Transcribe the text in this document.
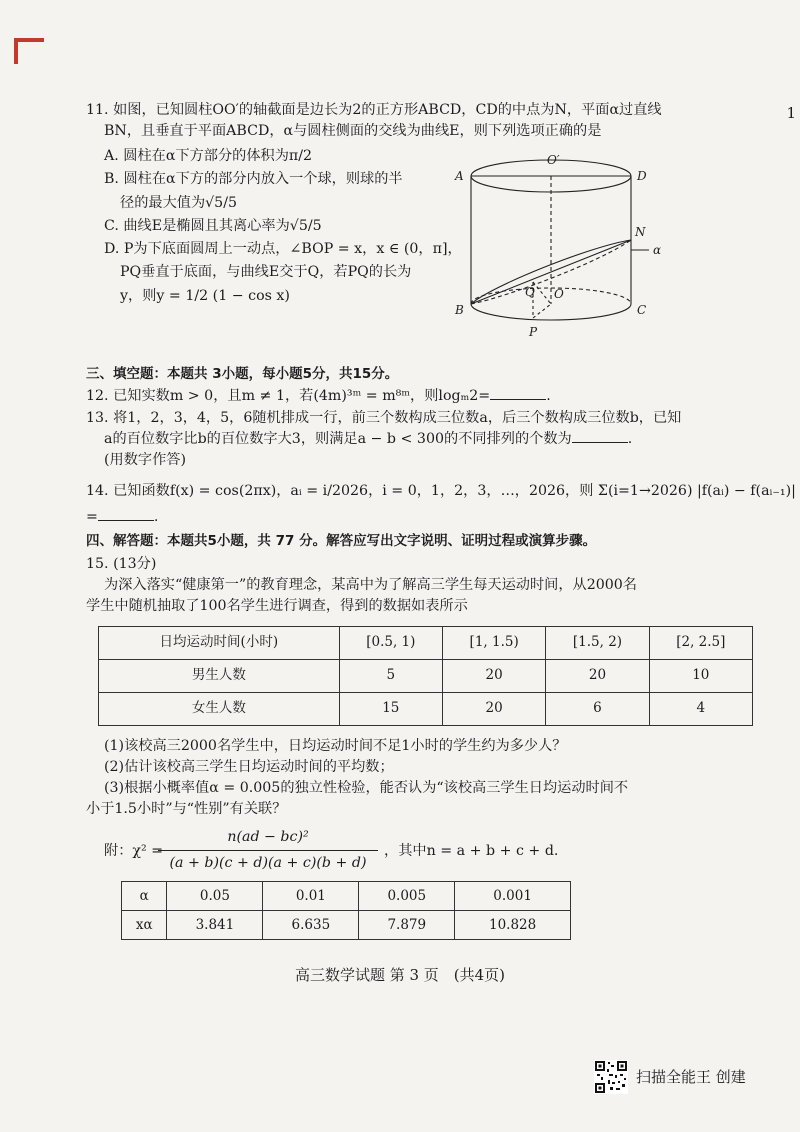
1
11. 如图，已知圆柱OO′的轴截面是边长为2的正方形ABCD，CD的中点为N，平面α过直线
BN，且垂直于平面ABCD，α与圆柱侧面的交线为曲线E，则下列选项正确的是
A. 圆柱在α下方部分的体积为π/2
B. 圆柱在α下方的部分内放入一个球，则球的半
径的最大值为√5/5
C. 曲线E是椭圆且其离心率为√5/5
D. P为下底面圆周上一动点，∠BOP = x，x ∈ (0，π]，
PQ垂直于底面，与曲线E交于Q，若PQ的长为
y，则y = 1/2 (1 − cos x)
A	D
O′
N
α
B	C
Q O
P
三、填空题：本题共 3小题，每小题5分，共15分。
12. 已知实数m > 0，且m ≠ 1，若(4m)³ᵐ = m⁸ᵐ，则logₘ2=	.
13. 将1，2，3，4，5，6随机排成一行，前三个数构成三位数a，后三个数构成三位数b，已知
a的百位数字比b的百位数字大3，则满足a − b < 300的不同排列的个数为	.
(用数字作答)
14. 已知函数f(x) = cos(2πx)，aᵢ = i/2026，i = 0，1，2，3，…，2026，则 Σ(i=1→2026) |f(aᵢ) − f(aᵢ₋₁)|
=	.
四、解答题：本题共5小题，共 77 分。解答应写出文字说明、证明过程或演算步骤。
15. (13分)
为深入落实“健康第一”的教育理念，某高中为了解高三学生每天运动时间，从2000名
学生中随机抽取了100名学生进行调查，得到的数据如表所示
日均运动时间(小时)	[0.5, 1)	[1, 1.5)	[1.5, 2)	[2, 2.5]
男生人数	5	20	20	10
女生人数	15	20	6	4
(1)该校高三2000名学生中，日均运动时间不足1小时的学生约为多少人？
(2)估计该校高三学生日均运动时间的平均数；
(3)根据小概率值α = 0.005的独立性检验，能否认为“该校高三学生日均运动时间不
小于1.5小时”与“性别”有关联？
附：χ² =
$\frac{\text{n(ad − bc)²}}{(a + b)(c + d)(a + c)(b + d)}$ ，其中n = a + b + c + d.
α	0.05	0.01	0.005	0.001
xα	3.841	6.635	7.879	10.828
高三数学试题 第 3 页　(共4页)
扫描全能王 创建
